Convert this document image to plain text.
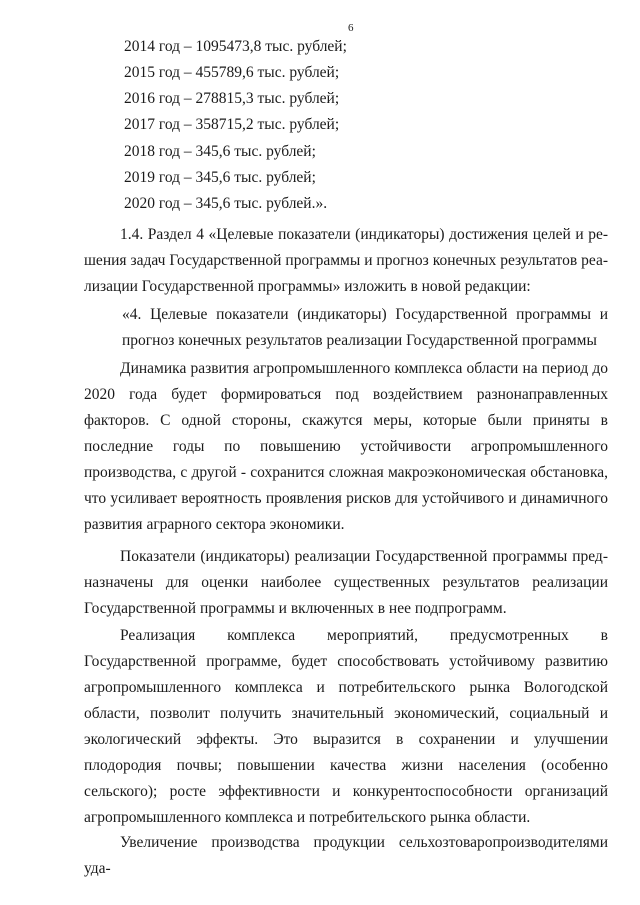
6
2014 год – 1095473,8 тыс. рублей;
2015 год – 455789,6 тыс. рублей;
2016 год – 278815,3 тыс. рублей;
2017 год – 358715,2 тыс. рублей;
2018 год – 345,6 тыс. рублей;
2019 год – 345,6 тыс. рублей;
2020 год – 345,6 тыс. рублей.».
1.4. Раздел 4 «Целевые показатели (индикаторы) достижения целей и решения задач Государственной программы и прогноз конечных результатов реализации Государственной программы» изложить в новой редакции:
«4. Целевые показатели (индикаторы) Государственной программы и прогноз конечных результатов реализации Государственной программы
Динамика развития агропромышленного комплекса области на период до 2020 года будет формироваться под воздействием разнонаправленных факторов. С одной стороны, скажутся меры, которые были приняты в последние годы по повышению устойчивости агропромышленного производства, с другой - сохранится сложная макроэкономическая обстановка, что усиливает вероятность проявления рисков для устойчивого и динамичного развития аграрного сектора экономики.
Показатели (индикаторы) реализации Государственной программы предназначены для оценки наиболее существенных результатов реализации Государственной программы и включенных в нее подпрограмм.
Реализация комплекса мероприятий, предусмотренных в Государственной программе, будет способствовать устойчивому развитию агропромышленного комплекса и потребительского рынка Вологодской области, позволит получить значительный экономический, социальный и экологический эффекты. Это выразится в сохранении и улучшении плодородия почвы; повышении качества жизни населения (особенно сельского); росте эффективности и конкурентоспособности организаций агропромышленного комплекса и потребительского рынка области.
Увеличение производства продукции сельхозтоваропроизводителями уда-
